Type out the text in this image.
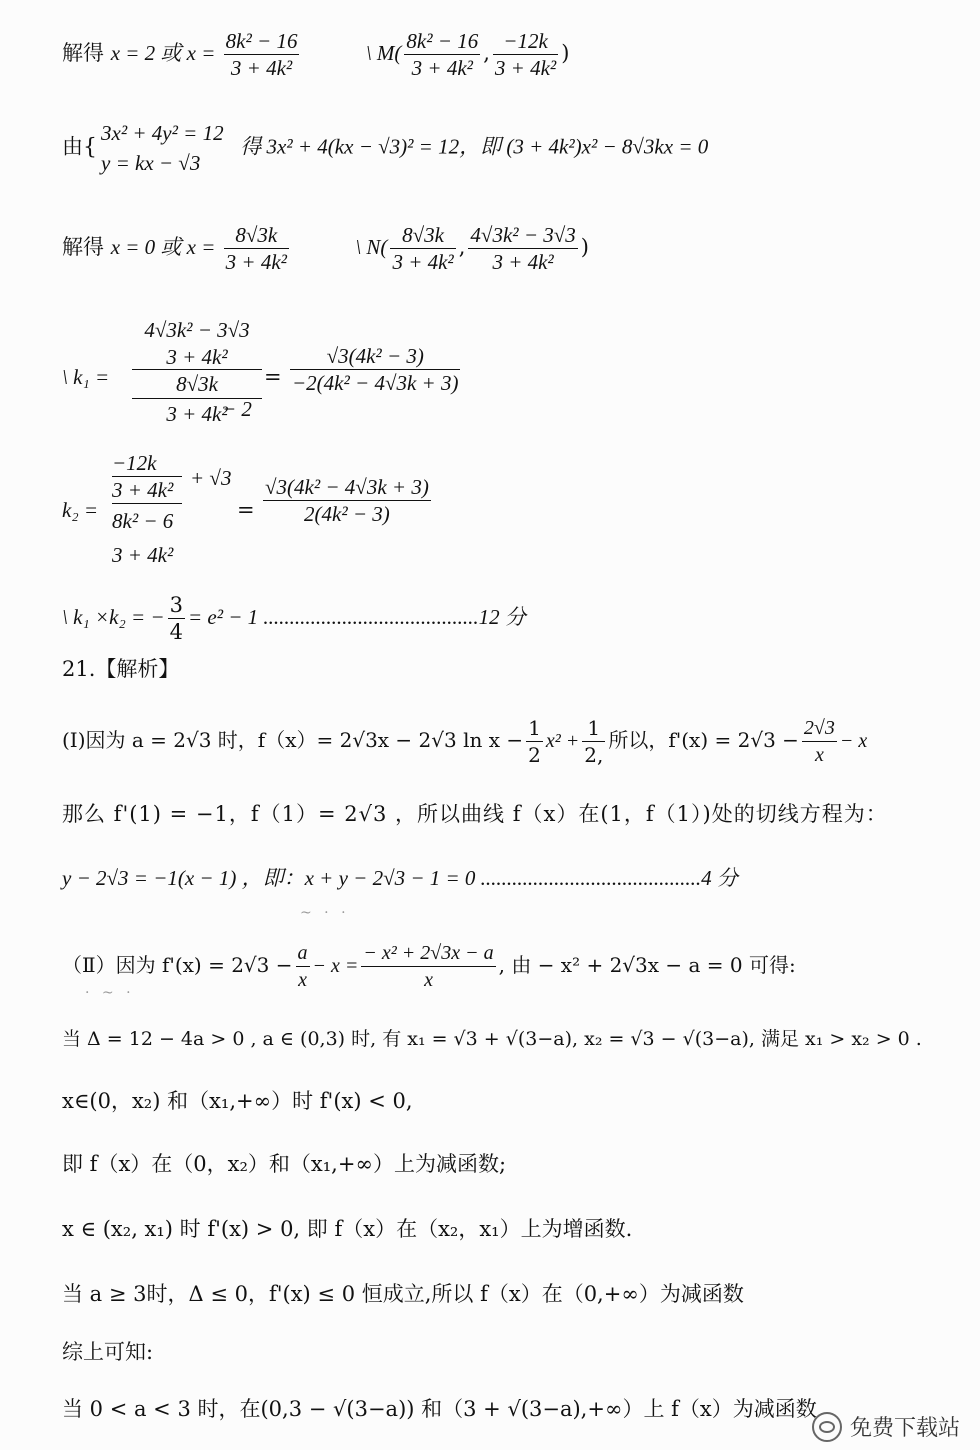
解得 x = 2 或 $x = \frac{\text{8k² − 16}}{\text{3 + 4k²}}$	\ $M( \frac{\text{8k² − 16}}{\text{3 + 4k²}}$ , $\frac{-12k}{\text{3 + 4k²}}$ )
由{
3x² + 4y² = 12
y = kx − √3
得 3x² + 4(kx − √3)² = 12，即 (3 + 4k²)x² − 8√3kx = 0
解得 x = 0 或 $x = \frac{8√3k}{\text{3 + 4k²}}$	\ $N( \frac{8√3k}{\text{3 + 4k²}}$ , $\frac{\text{4√3k² − 3√3}}{\text{3 + 4k²}}$ )
\ k₁ =
4√3k² − 3√3
3 + 4k²
8√3k
3 + 4k²
− 2
= $\frac{\text{√3(4k² − 3)}}{\text{−2(4k² − 4√3k + 3)}}$
k₂ =
−12k
3 + 4k²
8k² − 6
3 + 4k²
+ √3
= $\frac{\text{√3(4k² − 4√3k + 3)}}{\text{2(4k² − 3)}}$
\ k₁ ×k₂ = − $\frac{3}{4} = e^2 - 1$ .........................................12 分
21.【解析】
(Ⅰ)因为 a = 2√3 时，f（x）= 2√3x − 2√3 $\ln x - \frac{1}{2} x^2 + \frac{1}{2,}$ 所以，$f'(x) = 2√3 - \frac{2√3}{x} - x$
那么 f'(1) = −1，f（1）= 2√3 ，所以曲线 f（x）在(1，f（1）)处的切线方程为：
y − 2√3 = −1(x − 1) ，即：x + y − 2√3 − 1 = 0 ..........................................4 分
~ · ·
· ~ ·
（Ⅱ）因为 $f'(x) = 2√3 - \frac{a}{x} - x = \frac{\text{− x² + 2√3x − a}}{x}$ , 由 − x² + 2√3x − a = 0 可得:
当 Δ = 12 − 4a > 0 , a ∈ (0,3) 时, 有 x₁ = √3 + √(3−a), x₂ = √3 − √(3−a), 满足 x₁ > x₂ > 0 .
x∈(0，x₂) 和（x₁,+∞）时 f'(x) < 0,
即 f（x）在（0，x₂）和（x₁,+∞）上为减函数;
x ∈ (x₂, x₁) 时 f'(x) > 0, 即 f（x）在（x₂，x₁）上为增函数.
当 a ≥ 3时，Δ ≤ 0，f'(x) ≤ 0 恒成立,所以 f（x）在（0,+∞）为减函数
综上可知:
当 0 < a < 3 时，在(0,3 − √(3−a)) 和（3 + √(3−a),+∞）上 f（x）为减函数
免费下载站
